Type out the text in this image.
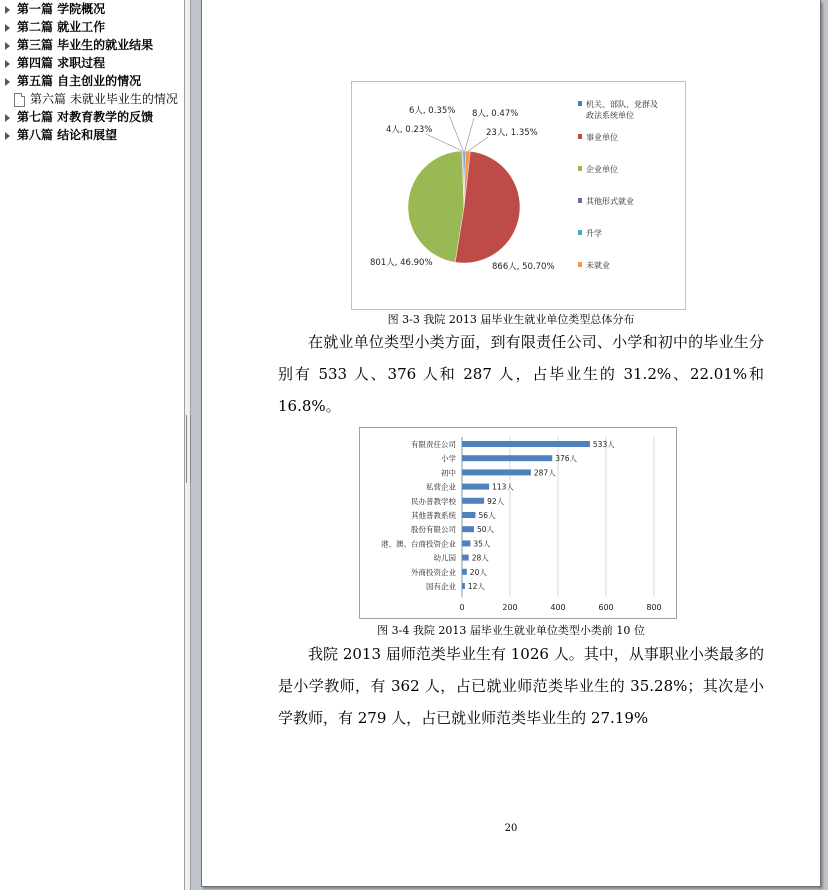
第一篇 学院概况
第二篇 就业工作
第三篇 毕业生的就业结果
第四篇 求职过程
第五篇 自主创业的情况
第六篇 未就业毕业生的情况
第七篇 对教育教学的反馈
第八篇 结论和展望
8人, 0.47%
23人, 1.35%
866人, 50.70%
801人, 46.90%
4人, 0.23%
6人, 0.35%
机关、部队、党群及
政法系统单位
事业单位
企业单位
其他形式就业
升学
未就业
图 3-3 我院 2013 届毕业生就业单位类型总体分布

在就业单位类型小类方面，到有限责任公司、小学和初中的毕业生分别有 533 人、376 人和 287 人，占毕业生的 31.2%、22.01%和 16.8%。

0	200	400	600	800
有限责任公司	533人
小学	376人
初中	287人
私营企业	113人
民办普教学校	92人
其他普教系统	56人
股份有限公司	50人
港、澳、台商投资企业 35人
幼儿园 28人
外商投资企业 20人
国有企业 12人
图 3-4 我院 2013 届毕业生就业单位类型小类前 10 位

我院 2013 届师范类毕业生有 1026 人。其中，从事职业小类最多的是小学教师，有 362 人，占已就业师范类毕业生的 35.28%；其次是小学教师，有 279 人，占已就业师范类毕业生的 27.19%

20
